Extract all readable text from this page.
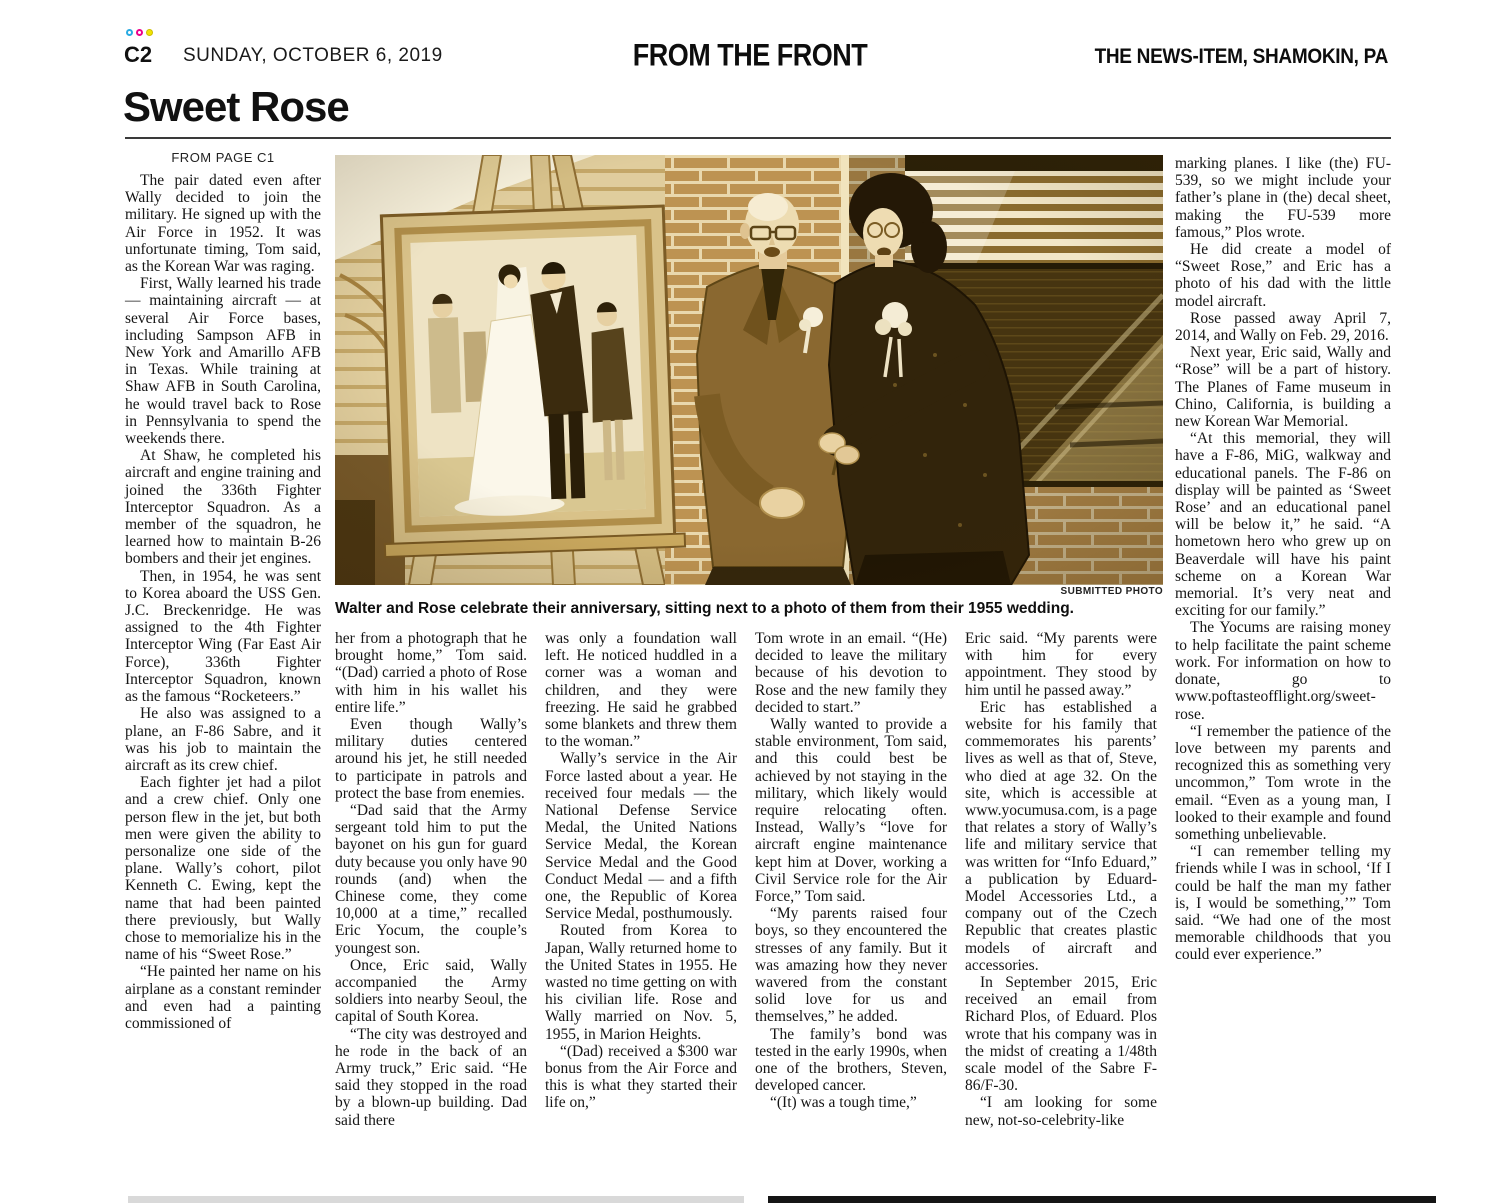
C2 SUNDAY, OCTOBER 6, 2019	FROM THE FRONT	THE NEWS-ITEM, SHAMOKIN, PA
Sweet Rose
FROM PAGE C1

The pair dated even after Wally decided to join the military. He signed up with the Air Force in 1952. It was unfortunate timing, Tom said, as the Korean War was raging.

First, Wally learned his trade — maintaining aircraft — at several Air Force bases, including Sampson AFB in New York and Amarillo AFB in Texas. While training at Shaw AFB in South Carolina, he would travel back to Rose in Pennsylvania to spend the weekends there.

At Shaw, he completed his aircraft and engine training and joined the 336th Fighter Interceptor Squadron. As a member of the squadron, he learned how to maintain B-26 bombers and their jet engines.

Then, in 1954, he was sent to Korea aboard the USS Gen. J.C. Breckenridge. He was assigned to the 4th Fighter Interceptor Wing (Far East Air Force), 336th Fighter Interceptor Squadron, known as the famous “Rocketeers.”

He also was assigned to a plane, an F-86 Sabre, and it was his job to maintain the aircraft as its crew chief.

Each fighter jet had a pilot and a crew chief. Only one person flew in the jet, but both men were given the ability to personalize one side of the plane. Wally’s cohort, pilot Kenneth C. Ewing, kept the name that had been painted there previously, but Wally chose to memorialize his in the name of his “Sweet Rose.”

“He painted her name on his airplane as a constant reminder and even had a painting commissioned of

SUBMITTED PHOTO
Walter and Rose celebrate their anniversary, sitting next to a photo of them from their 1955 wedding.

her from a photograph that he brought home,” Tom said. “(Dad) carried a photo of Rose with him in his wallet his entire life.”

Even though Wally’s military duties centered around his jet, he still needed to participate in patrols and protect the base from enemies.

“Dad said that the Army sergeant told him to put the bayonet on his gun for guard duty because you only have 90 rounds (and) when the Chinese come, they come 10,000 at a time,” recalled Eric Yocum, the couple’s youngest son.

Once, Eric said, Wally accompanied the Army soldiers into nearby Seoul, the capital of South Korea.

“The city was destroyed and he rode in the back of an Army truck,” Eric said. “He said they stopped in the road by a blown-up building. Dad said there

was only a foundation wall left. He noticed huddled in a corner was a woman and children, and they were freezing. He said he grabbed some blankets and threw them to the woman.”

Wally’s service in the Air Force lasted about a year. He received four medals — the National Defense Service Medal, the United Nations Service Medal, the Korean Service Medal and the Good Conduct Medal — and a fifth one, the Republic of Korea Service Medal, posthumously.

Routed from Korea to Japan, Wally returned home to the United States in 1955. He wasted no time getting on with his civilian life. Rose and Wally married on Nov. 5, 1955, in Marion Heights.

“(Dad) received a $300 war bonus from the Air Force and this is what they started their life on,”

Tom wrote in an email. “(He) decided to leave the military because of his devotion to Rose and the new family they decided to start.”

Wally wanted to provide a stable environment, Tom said, and this could best be achieved by not staying in the military, which likely would require relocating often. Instead, Wally’s “love for aircraft engine maintenance kept him at Dover, working a Civil Service role for the Air Force,” Tom said.

“My parents raised four boys, so they encountered the stresses of any family. But it was amazing how they never wavered from the constant solid love for us and themselves,” he added.

The family’s bond was tested in the early 1990s, when one of the brothers, Steven, developed cancer.

“(It) was a tough time,”

Eric said. “My parents were with him for every appointment. They stood by him until he passed away.”

Eric has established a website for his family that commemorates his parents’ lives as well as that of, Steve, who died at age 32. On the site, which is accessible at www.yocumusa.com, is a page that relates a story of Wally’s life and military service that was written for “Info Eduard,” a publication by Eduard-Model Accessories Ltd., a company out of the Czech Republic that creates plastic models of aircraft and accessories.

In September 2015, Eric received an email from Richard Plos, of Eduard. Plos wrote that his company was in the midst of creating a 1/48th scale model of the Sabre F-86/F-30.

“I am looking for some new, not-so-celebrity-like

marking planes. I like (the) FU-539, so we might include your father’s plane in (the) decal sheet, making the FU-539 more famous,” Plos wrote.

He did create a model of “Sweet Rose,” and Eric has a photo of his dad with the little model aircraft.

Rose passed away April 7, 2014, and Wally on Feb. 29, 2016.

Next year, Eric said, Wally and “Rose” will be a part of history. The Planes of Fame museum in Chino, California, is building a new Korean War Memorial.

“At this memorial, they will have a F-86, MiG, walkway and educational panels. The F-86 on display will be painted as ‘Sweet Rose’ and an educational panel will be below it,” he said. “A hometown hero who grew up on Beaverdale will have his paint scheme on a Korean War memorial. It’s very neat and exciting for our family.”

The Yocums are raising money to help facilitate the paint scheme work. For information on how to donate, go to www.poftasteofflight.org/sweet-rose.

“I remember the patience of the love between my parents and recognized this as something very uncommon,” Tom wrote in the email. “Even as a young man, I looked to their example and found something unbelievable.

“I can remember telling my friends while I was in school, ‘If I could be half the man my father is, I would be something,’” Tom said. “We had one of the most memorable childhoods that you could ever experience.”
